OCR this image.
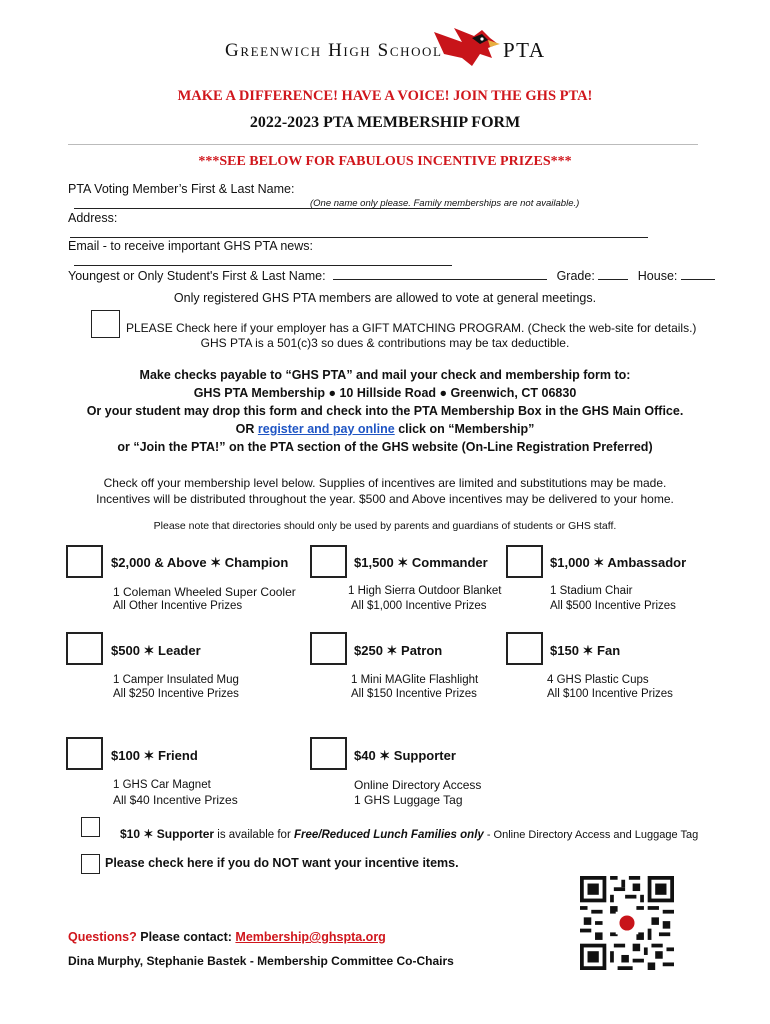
Greenwich High School	PTA
MAKE A DIFFERENCE! HAVE A VOICE! JOIN THE GHS PTA!
2022-2023 PTA MEMBERSHIP FORM
***SEE BELOW FOR FABULOUS INCENTIVE PRIZES***
PTA Voting Member’s First & Last Name:
(One name only please. Family memberships are not available.)
Address:
Email - to receive important GHS PTA news:
Youngest or Only Student's First & Last Name:	Grade:	House:
Only registered GHS PTA members are allowed to vote at general meetings.
PLEASE Check here if your employer has a GIFT MATCHING PROGRAM. (Check the web-site for details.)
GHS PTA is a 501(c)3 so dues & contributions may be tax deductible.
Make checks payable to “GHS PTA” and mail your check and membership form to:
GHS PTA Membership ● 10 Hillside Road ● Greenwich, CT 06830
Or your student may drop this form and check into the PTA Membership Box in the GHS Main Office.
OR register and pay online click on “Membership”
or “Join the PTA!” on the PTA section of the GHS website (On-Line Registration Preferred)
Check off your membership level below. Supplies of incentives are limited and substitutions may be made.
Incentives will be distributed throughout the year. $500 and Above incentives may be delivered to your home.
Please note that directories should only be used by parents and guardians of students or GHS staff.
$2,000 & Above ✶ Champion
1 Coleman Wheeled Super Cooler
All Other Incentive Prizes
$1,500 ✶ Commander
1 High Sierra Outdoor Blanket
All $1,000 Incentive Prizes
$1,000 ✶ Ambassador
1 Stadium Chair
All $500 Incentive Prizes
$500 ✶ Leader
1 Camper Insulated Mug
All $250 Incentive Prizes
$250 ✶ Patron
1 Mini MAGlite Flashlight
All $150 Incentive Prizes
$150 ✶ Fan
4 GHS Plastic Cups
All $100 Incentive Prizes
$100 ✶ Friend
1 GHS Car Magnet
All $40 Incentive Prizes
$40 ✶ Supporter
Online Directory Access
1 GHS Luggage Tag
$10 ✶ Supporter is available for Free/Reduced Lunch Families only - Online Directory Access and Luggage Tag
Please check here if you do NOT want your incentive items.
Questions? Please contact: Membership@ghspta.org
Dina Murphy, Stephanie Bastek - Membership Committee Co-Chairs
